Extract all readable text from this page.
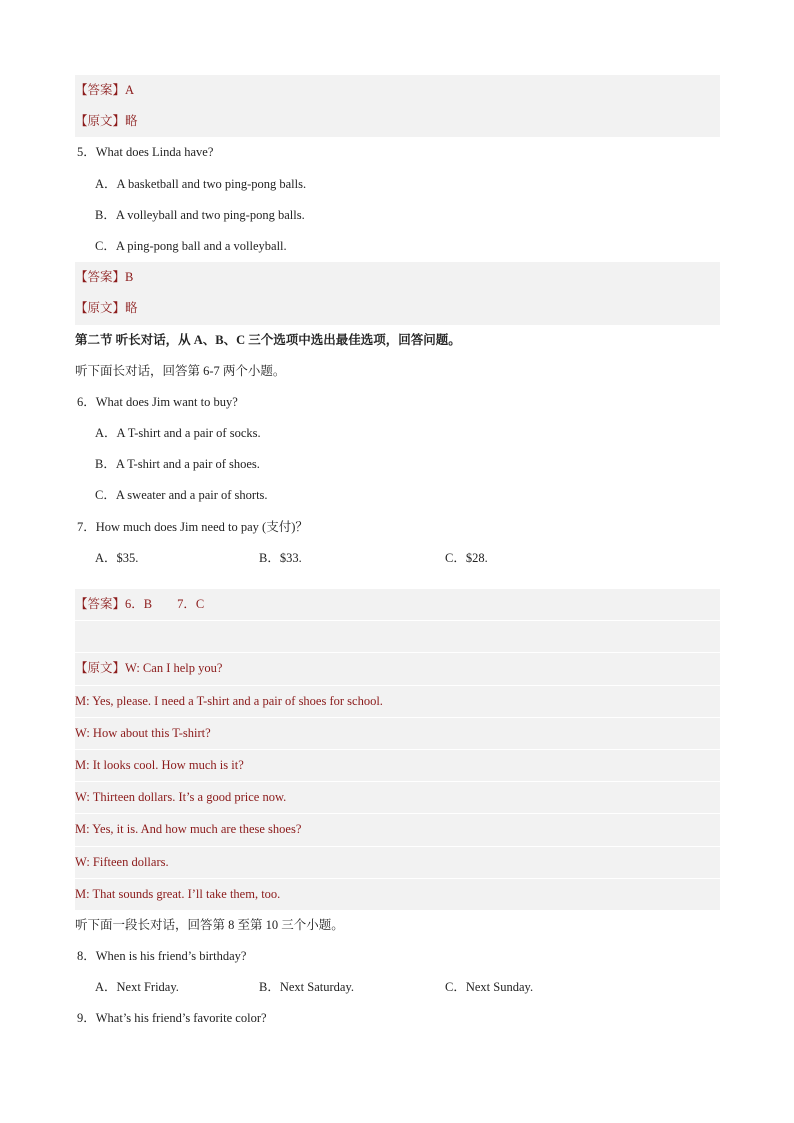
【答案】A
【原文】略
5．What does Linda have?
A．A basketball and two ping-pong balls.
B．A volleyball and two ping-pong balls.
C．A ping-pong ball and a volleyball.
【答案】B
【原文】略
第二节 听长对话，从 A、B、C 三个选项中选出最佳选项，回答问题。
听下面长对话，回答第 6-7 两个小题。
6．What does Jim want to buy?
A．A T-shirt and a pair of socks.
B．A T-shirt and a pair of shoes.
C．A sweater and a pair of shorts.
7．How much does Jim need to pay (支付)？
A．$35.	B．$33.	C．$28.
【答案】6．B　　7．C
【原文】W: Can I help you?
M: Yes, please. I need a T-shirt and a pair of shoes for school.
W: How about this T-shirt?
M: It looks cool. How much is it?
W: Thirteen dollars. It’s a good price now.
M: Yes, it is. And how much are these shoes?
W: Fifteen dollars.
M: That sounds great. I’ll take them, too.
听下面一段长对话，回答第 8 至第 10 三个小题。
8．When is his friend’s birthday?
A．Next Friday.	B．Next Saturday.	C．Next Sunday.
9．What’s his friend’s favorite color?
